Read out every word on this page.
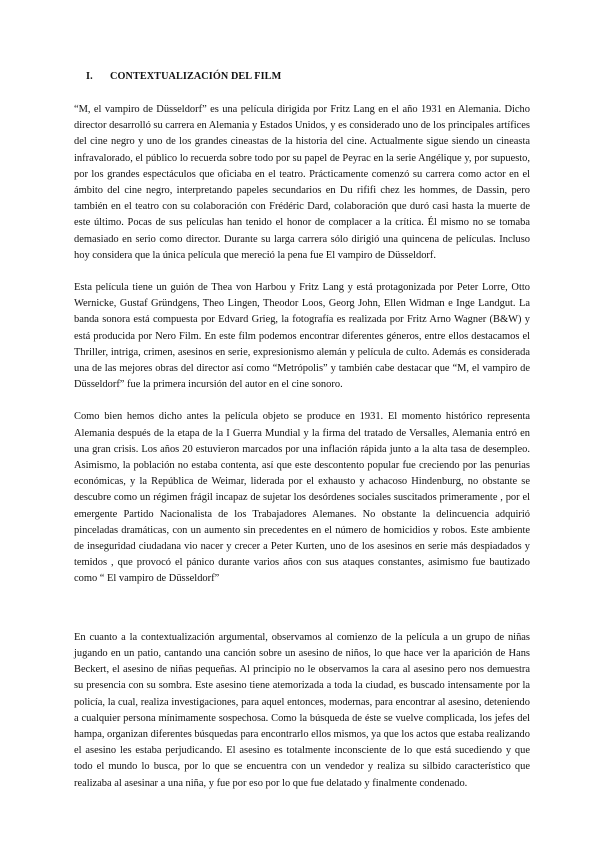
I.	CONTEXTUALIZACIÓN DEL FILM

“M, el vampiro de Düsseldorf” es una película dirigida por Fritz Lang en el año 1931 en Alemania. Dicho director desarrolló su carrera en Alemania y Estados Unidos, y es considerado uno de los principales artífices del cine negro y uno de los grandes cineastas de la historia del cine. Actualmente sigue siendo un cineasta infravalorado, el público lo recuerda sobre todo por su papel de Peyrac en la serie Angélique y, por supuesto, por los grandes espectáculos que oficiaba en el teatro. Prácticamente comenzó su carrera como actor en el ámbito del cine negro, interpretando papeles secundarios en Du rififi chez les hommes, de Dassin, pero también en el teatro con su colaboración con Frédéric Dard, colaboración que duró casi hasta la muerte de este último. Pocas de sus películas han tenido el honor de complacer a la crítica. Él mismo no se tomaba demasiado en serio como director. Durante su larga carrera sólo dirigió una quincena de películas. Incluso hoy considera que la única película que mereció la pena fue El vampiro de Düsseldorf.

Esta película tiene un guión de Thea von Harbou y Fritz Lang y está protagonizada por Peter Lorre, Otto Wernicke, Gustaf Gründgens, Theo Lingen, Theodor Loos, Georg John, Ellen Widman e Inge Landgut. La banda sonora está compuesta por Edvard Grieg, la fotografía es realizada por Fritz Arno Wagner (B&W) y está producida por Nero Film. En este film podemos encontrar diferentes géneros, entre ellos destacamos el Thriller, intriga, crimen, asesinos en serie, expresionismo alemán y película de culto. Además es considerada una de las mejores obras del director así como “Metrópolis” y también cabe destacar que “M, el vampiro de Düsseldorf” fue la primera incursión del autor en el cine sonoro.

Como bien hemos dicho antes la película objeto se produce en 1931. El momento histórico representa Alemania después de la etapa de la I Guerra Mundial y la firma del tratado de Versalles, Alemania entró en una gran crisis. Los años 20 estuvieron marcados por una inflación rápida junto a la alta tasa de desempleo. Asimismo, la población no estaba contenta, así que este descontento popular fue creciendo por las penurias económicas, y la República de Weimar, liderada por el exhausto y achacoso Hindenburg, no obstante se descubre como un régimen frágil incapaz de sujetar los desórdenes sociales suscitados primeramente , por el emergente Partido Nacionalista de los Trabajadores Alemanes. No obstante la delincuencia adquirió pinceladas dramáticas, con un aumento sin precedentes en el número de homicidios y robos. Este ambiente de inseguridad ciudadana vio nacer y crecer a Peter Kurten, uno de los asesinos en serie más despiadados y temidos , que provocó el pánico durante varios años con sus ataques constantes, asimismo fue bautizado como “ El vampiro de Düsseldorf”

En cuanto a la contextualización argumental, observamos al comienzo de la película a un grupo de niñas jugando en un patio, cantando una canción sobre un asesino de niños, lo que hace ver la aparición de Hans Beckert, el asesino de niñas pequeñas. Al principio no le observamos la cara al asesino pero nos demuestra su presencia con su sombra. Este asesino tiene atemorizada a toda la ciudad, es buscado intensamente por la policía, la cual, realiza investigaciones, para aquel entonces, modernas, para encontrar al asesino, deteniendo a cualquier persona mínimamente sospechosa. Como la búsqueda de éste se vuelve complicada, los jefes del hampa, organizan diferentes búsquedas para encontrarlo ellos mismos, ya que los actos que estaba realizando el asesino les estaba perjudicando. El asesino es totalmente inconsciente de lo que está sucediendo y que todo el mundo lo busca, por lo que se encuentra con un vendedor y realiza su silbido característico que realizaba al asesinar a una niña, y fue por eso por lo que fue delatado y finalmente condenado.
